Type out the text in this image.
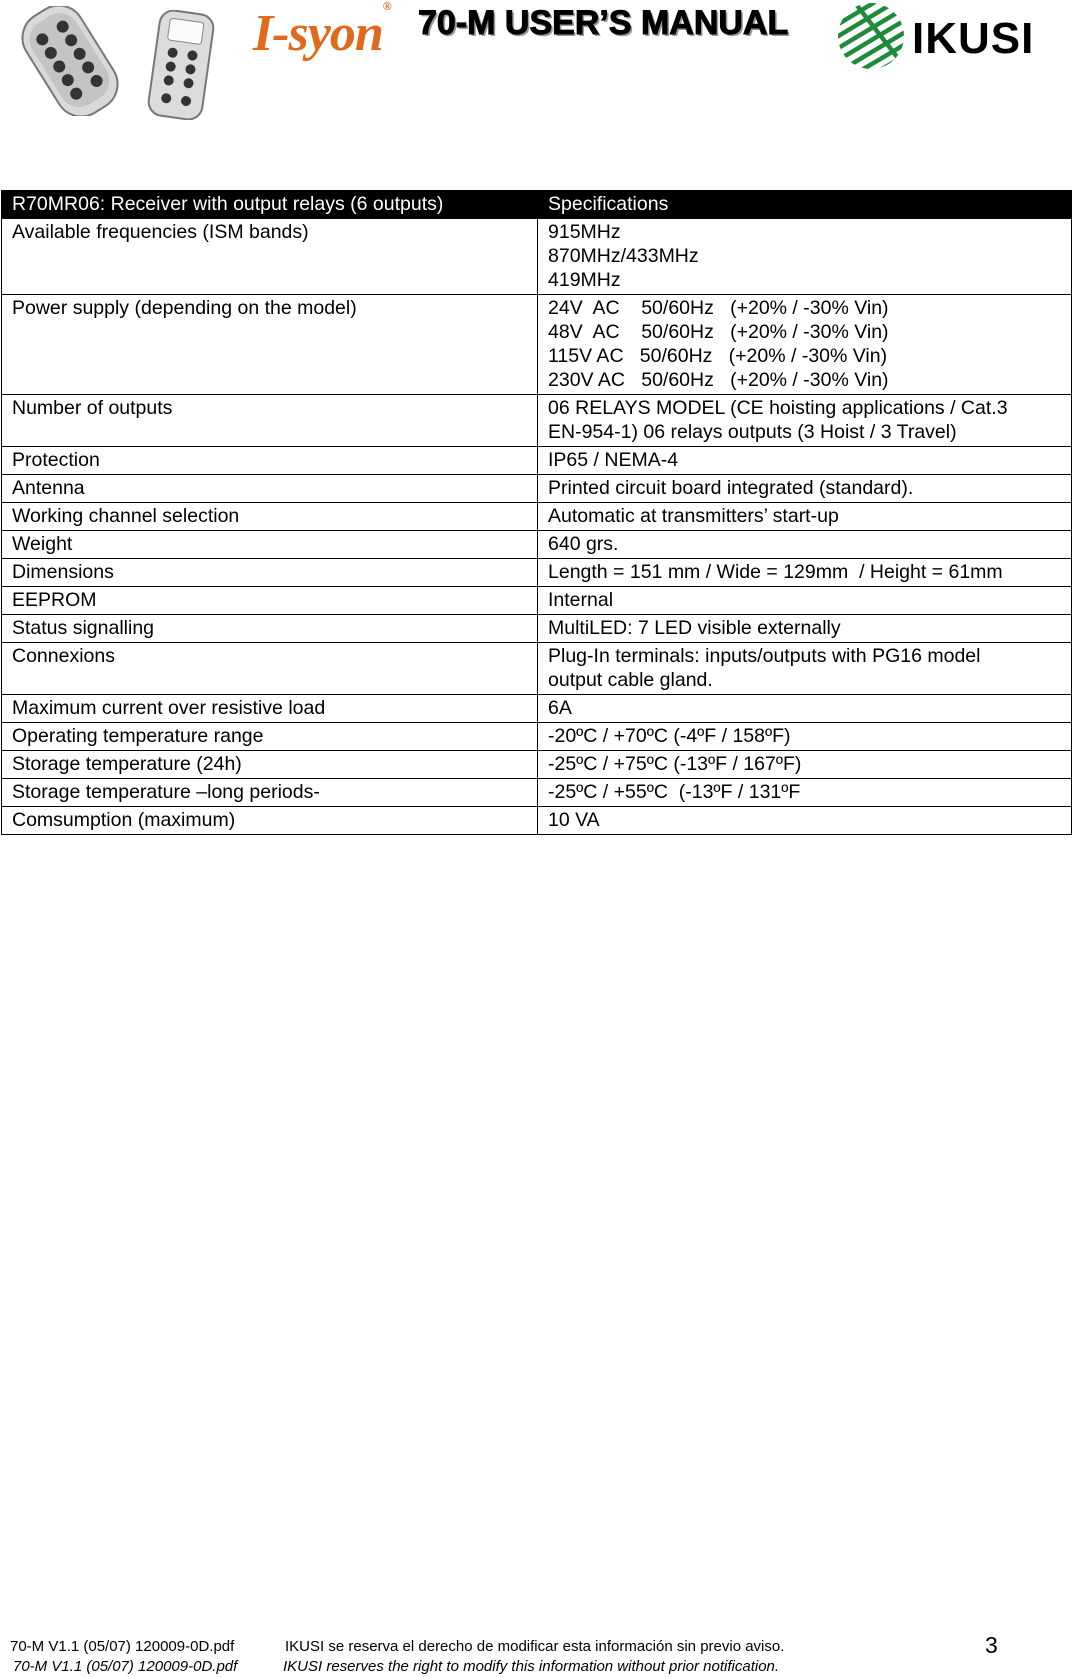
I-syon® 70-M USER’S MANUAL	IKUSI
R70MR06: Receiver with output relays (6 outputs)	Specifications
Available frequencies (ISM bands)	915MHz
870MHz/433MHz
419MHz

Power supply (depending on the model)	24V  AC    50/60Hz   (+20% / -30% Vin)
48V  AC    50/60Hz   (+20% / -30% Vin)
115V AC   50/60Hz   (+20% / -30% Vin)
230V AC   50/60Hz   (+20% / -30% Vin)

Number of outputs	06 RELAYS MODEL (CE hoisting applications / Cat.3
EN-954-1) 06 relays outputs (3 Hoist / 3 Travel)

Protection	IP65 / NEMA-4

Antenna	Printed circuit board integrated (standard).

Working channel selection	Automatic at transmitters’ start-up

Weight	640 grs.

Dimensions	Length = 151 mm / Wide = 129mm  / Height = 61mm

EEPROM	Internal

Status signalling	MultiLED: 7 LED visible externally

Connexions	Plug-In terminals: inputs/outputs with PG16 model
output cable gland.

Maximum current over resistive load	6A

Operating temperature range	-20ºC / +70ºC (-4ºF / 158ºF)

Storage temperature (24h)	-25ºC / +75ºC (-13ºF / 167ºF)

Storage temperature –long periods-	-25ºC / +55ºC  (-13ºF / 131ºF

Comsumption (maximum)	10 VA
70-M V1.1 (05/07) 120009-0D.pdf	IKUSI se reserva el derecho de modificar esta información sin previo aviso.
70-M V1.1 (05/07) 120009-0D.pdf	IKUSI reserves the right to modify this information without prior notification.
3
